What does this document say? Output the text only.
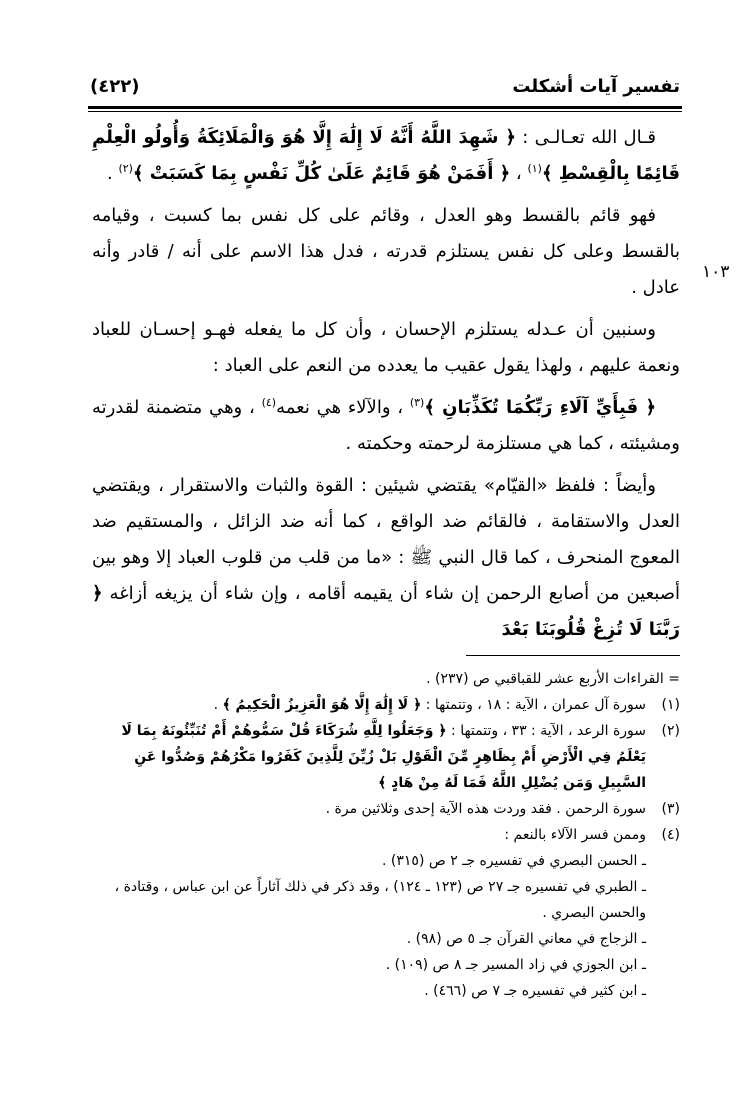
تفسير آيات أشكلت
(٤٢٢)
١٠٣

قـال الله تعـالـى : ﴿ شَهِدَ اللَّهُ أَنَّهُ لَا إِلَٰهَ إِلَّا هُوَ وَالْمَلَائِكَةُ وَأُولُو الْعِلْمِ قَائِمًا بِالْقِسْطِ ﴾$^{(١)}$ ، ﴿ أَفَمَنْ هُوَ قَائِمٌ عَلَىٰ كُلِّ نَفْسٍ بِمَا كَسَبَتْ ﴾$^{(٢)}$ .

فهو قائم بالقسط وهو العدل ، وقائم على كل نفس بما كسبت ، وقيامه بالقسط وعلى كل نفس يستلزم قدرته ، فدل هذا الاسم على أنه / قادر وأنه عادل .

وسنبين أن عـدله يستلزم الإحسان ، وأن كل ما يفعله فهـو إحسـان للعباد ونعمة عليهم ، ولهذا يقول عقيب ما يعدده من النعم على العباد :

﴿ فَبِأَيِّ آلَاءِ رَبِّكُمَا تُكَذِّبَانِ ﴾$^{(٣)}$ ، والآلاء هي نعمه$^{(٤)}$ ، وهي متضمنة لقدرته ومشيئته ، كما هي مستلزمة لرحمته وحكمته .

وأيضاً : فلفظ «القيّام» يقتضي شيئين : القوة والثبات والاستقرار ، ويقتضي العدل والاستقامة ، فالقائم ضد الواقع ، كما أنه ضد الزائل ، والمستقيم ضد المعوج المنحرف ، كما قال النبي ﷺ : «ما من قلب من قلوب العباد إلا وهو بين أصبعين من أصابع الرحمن إن شاء أن يقيمه أقامه ، وإن شاء أن يزيغه أزاغه ﴿ رَبَّنَا لَا تُزِغْ قُلُوبَنَا بَعْدَ

= القراءات الأربع عشر للقباقبي ص (٢٣٧) .
(١)
سورة آل عمران ، الآية : ١٨ ، وتتمتها : ﴿ لَا إِلَٰهَ إِلَّا هُوَ الْعَزِيزُ الْحَكِيمُ ﴾ .
(٢)
سورة الرعد ، الآية : ٣٣ ، وتتمتها : ﴿ وَجَعَلُوا لِلَّهِ شُرَكَاءَ قُلْ سَمُّوهُمْ أَمْ تُنَبِّئُونَهُ بِمَا لَا يَعْلَمُ فِي الْأَرْضِ أَمْ بِظَاهِرٍ مِّنَ الْقَوْلِ بَلْ زُيِّنَ لِلَّذِينَ كَفَرُوا مَكْرُهُمْ وَصُدُّوا عَنِ السَّبِيلِ وَمَن يُضْلِلِ اللَّهُ فَمَا لَهُ مِنْ هَادٍ ﴾
(٣)
سورة الرحمن . فقد وردت هذه الآية إحدى وثلاثين مرة .
(٤)
وممن فسر الآلاء بالنعم :
ـ الحسن البصري في تفسيره جـ ٢ ص (٣١٥) .
ـ الطبري في تفسيره جـ ٢٧ ص (١٢٣ ـ ١٢٤) ، وقد ذكر في ذلك آثاراً عن ابن عباس ، وقتادة ، والحسن البصري .
ـ الزجاج في معاني القرآن جـ ٥ ص (٩٨) .
ـ ابن الجوزي في زاد المسير جـ ٨ ص (١٠٩) .
ـ ابن كثير في تفسيره جـ ٧ ص (٤٦٦) .
